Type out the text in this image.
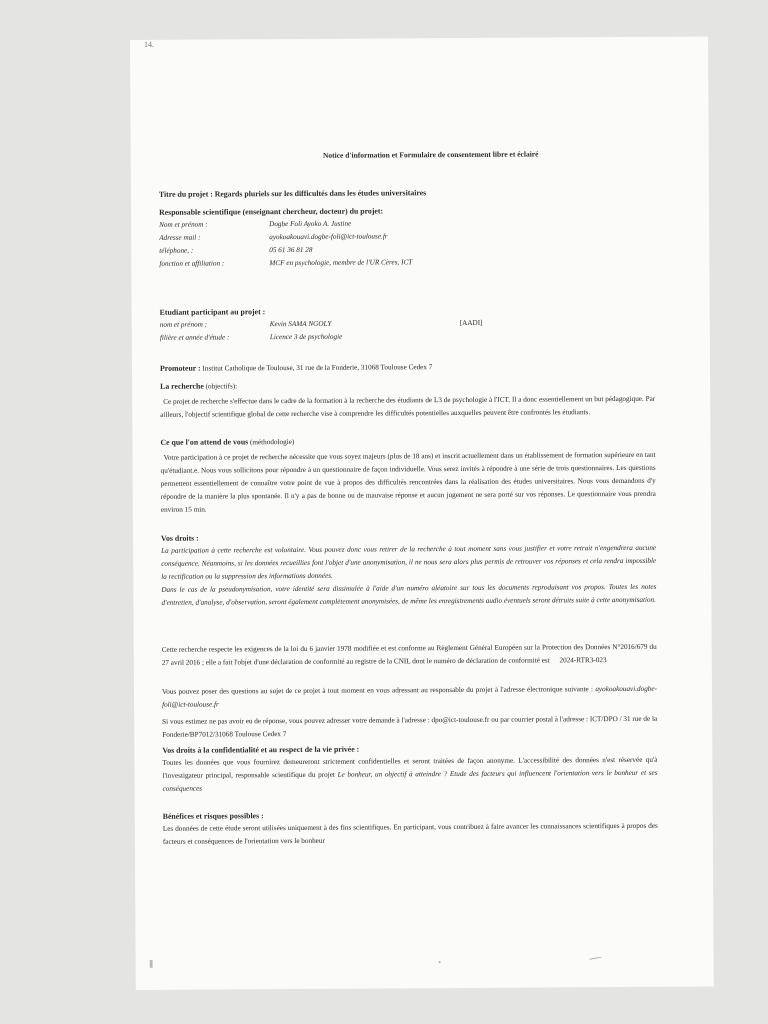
14.
Notice d'information et Formulaire de consentement libre et éclairé
Titre du projet : Regards pluriels sur les difficultés dans les études universitaires
Responsable scientifique (enseignant chercheur, docteur) du projet:
Nom et prénom :	Dogbe Foli Ayoko A. Justine
Adresse mail :	ayokoakouavi.dogbe-foli@ict-toulouse.fr
téléphone, :	05 61 36 81 28
fonction et affiliation :	MCF en psychologie, membre de l'UR Cères, ICT
Etudiant participant au projet :
nom et prénom :	Kevin SAMA NGOLY	[AADI]
filière et année d'étude :	Licence 3 de psychologie
Promoteur : Institut Catholique de Toulouse, 31 rue de la Fonderie, 31068 Toulouse Cedex 7
La recherche (objectifs):
Ce projet de recherche s'effectue dans le cadre de la formation à la recherche des étudiants de L3 de psychologie à l'ICT. Il a donc essentiellement un but pédagogique. Par ailleurs, l'objectif scientifique global de cette recherche vise à comprendre les difficultés potentielles auxquelles peuvent être confrontés les étudiants.
Ce que l'on attend de vous (méthodologie)
Votre participation à ce projet de recherche nécessite que vous soyez majeurs (plus de 18 ans) et inscrit actuellement dans un établissement de formation supérieure en tant qu'étudiant.e. Nous vous sollicitons pour répondre à un questionnaire de façon individuelle. Vous serez invités à répondre à une série de trois questionnaires. Les questions permettent essentiellement de connaître votre point de vue à propos des difficultés rencontrées dans la réalisation des études universitaires. Nous vous demandons d'y répondre de la manière la plus spontanée. Il n'y a pas de bonne ou de mauvaise réponse et aucun jugement ne sera porté sur vos réponses. Le questionnaire vous prendra environ 15 min.
Vos droits :
La participation à cette recherche est volontaire. Vous pouvez donc vous retirer de la recherche à tout moment sans vous justifier et votre retrait n'engendrera aucune conséquence. Néanmoins, si les données recueillies font l'objet d'une anonymisation, il ne nous sera alors plus permis de retrouver vos réponses et cela rendra impossible la rectification ou la suppression des informations données.
Dans le cas de la pseudonymisation, votre identité sera dissimulée à l'aide d'un numéro aléatoire sur tous les documents reproduisant vos propos. Toutes les notes d'entretien, d'analyse, d'observation, seront également complètement anonymisées, de même les enregistrements audio éventuels seront détruits suite à cette anonymisation.
Cette recherche respecte les exigences de la loi du 6 janvier 1978 modifiée et est conforme au Règlement Général Européen sur la Protection des Données N°2016/679 du 27 avril 2016 ; elle a fait l'objet d'une déclaration de conformité au registre de la CNIL dont le numéro de déclaration de conformité est 2024-RTR3-023
Vous pouvez poser des questions au sujet de ce projet à tout moment en vous adressant au responsable du projet à l'adresse électronique suivante : ayokoakouavi.dogbe-foli@ict-toulouse.fr
Si vous estimez ne pas avoir eu de réponse, vous pouvez adresser votre demande à l'adresse : dpo@ict-toulouse.fr ou par courrier postal à l'adresse : ICT/DPO / 31 rue de la Fonderie/BP7012/31068 Toulouse Cedex 7
Vos droits à la confidentialité et au respect de la vie privée :
Toutes les données que vous fournirez demeureront strictement confidentielles et seront traitées de façon anonyme. L'accessibilité des données n'est réservée qu'à l'investigateur principal, responsable scientifique du projet Le bonheur, un objectif à atteindre ? Etude des facteurs qui influencent l'orientation vers le bonheur et ses conséquences
Bénéfices et risques possibles :
Les données de cette étude seront utilisées uniquement à des fins scientifiques. En participant, vous contribuez à faire avancer les connaissances scientifiques à propos des facteurs et conséquences de l'orientation vers le bonheur
